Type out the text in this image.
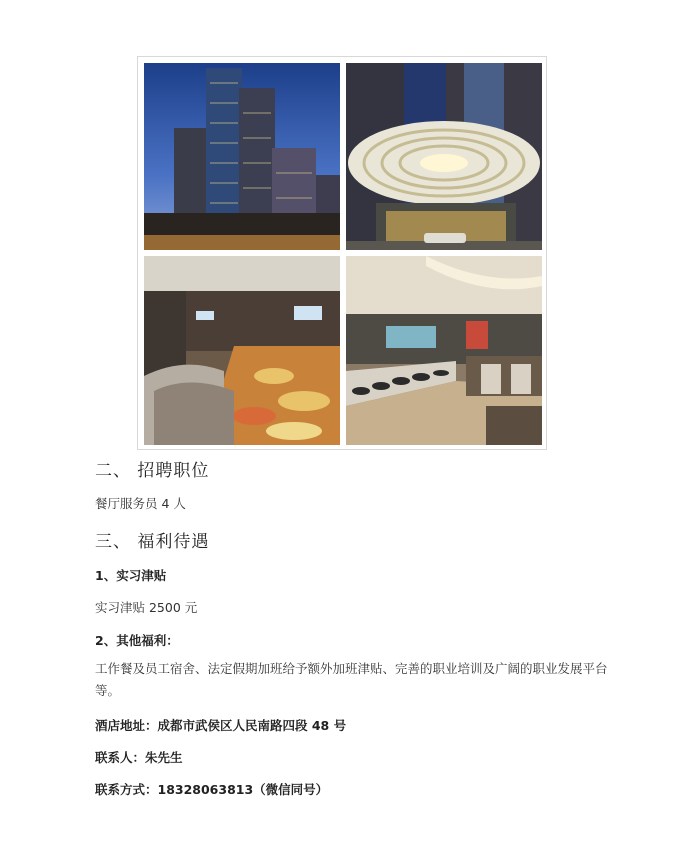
二、 招聘职位
餐厅服务员 4 人
三、 福利待遇
1、实习津贴
实习津贴 2500 元
2、其他福利：
工作餐及员工宿舍、法定假期加班给予额外加班津贴、完善的职业培训及广阔的职业发展平台等。
酒店地址：成都市武侯区人民南路四段 48 号
联系人：朱先生
联系方式：18328063813（微信同号）
